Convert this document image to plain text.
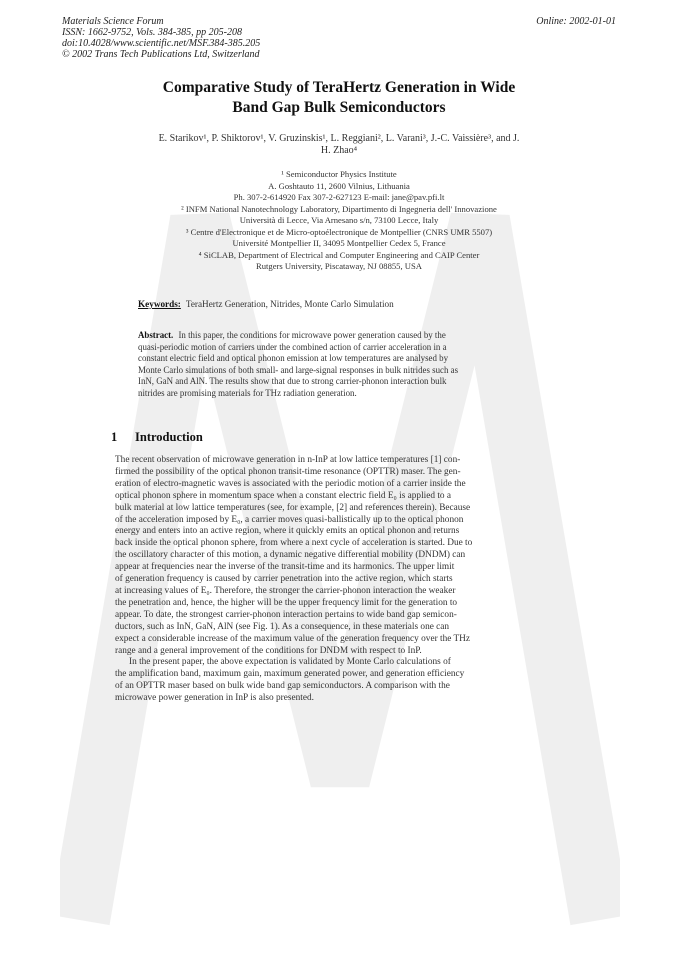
Materials Science Forum
ISSN: 1662-9752, Vols. 384-385, pp 205-208
doi:10.4028/www.scientific.net/MSF.384-385.205
© 2002 Trans Tech Publications Ltd, Switzerland
Online: 2002-01-01
Comparative Study of TeraHertz Generation in Wide
Band Gap Bulk Semiconductors
E. Starikov¹, P. Shiktorov¹, V. Gruzinskis¹, L. Reggiani², L. Varani³, J.-C. Vaissière³, and J.
H. Zhao⁴
¹ Semiconductor Physics Institute
A. Goshtauto 11, 2600 Vilnius, Lithuania
Ph. 307-2-614920 Fax 307-2-627123 E-mail: jane@pav.pfi.lt
² INFM National Nanotechnology Laboratory, Dipartimento di Ingegneria dell' Innovazione
Università di Lecce, Via Arnesano s/n, 73100 Lecce, Italy
³ Centre d'Electronique et de Micro-optoélectronique de Montpellier (CNRS UMR 5507)
Université Montpellier II, 34095 Montpellier Cedex 5, France
⁴ SiCLAB, Department of Electrical and Computer Engineering and CAIP Center
Rutgers University, Piscataway, NJ 08855, USA
Keywords: TeraHertz Generation, Nitrides, Monte Carlo Simulation
Abstract. In this paper, the conditions for microwave power generation caused by the
quasi-periodic motion of carriers under the combined action of carrier acceleration in a
constant electric field and optical phonon emission at low temperatures are analysed by
Monte Carlo simulations of both small- and large-signal responses in bulk nitrides such as
InN, GaN and AlN. The results show that due to strong carrier-phonon interaction bulk
nitrides are promising materials for THz radiation generation.
1 Introduction
The recent observation of microwave generation in n-InP at low lattice temperatures [1] con-
firmed the possibility of the optical phonon transit-time resonance (OPTTR) maser. The gen-
eration of electro-magnetic waves is associated with the periodic motion of a carrier inside the
optical phonon sphere in momentum space when a constant electric field E₀ is applied to a
bulk material at low lattice temperatures (see, for example, [2] and references therein). Because
of the acceleration imposed by E₀, a carrier moves quasi-ballistically up to the optical phonon
energy and enters into an active region, where it quickly emits an optical phonon and returns
back inside the optical phonon sphere, from where a next cycle of acceleration is started. Due to
the oscillatory character of this motion, a dynamic negative differential mobility (DNDM) can
appear at frequencies near the inverse of the transit-time and its harmonics. The upper limit
of generation frequency is caused by carrier penetration into the active region, which starts
at increasing values of E₀. Therefore, the stronger the carrier-phonon interaction the weaker
the penetration and, hence, the higher will be the upper frequency limit for the generation to
appear. To date, the strongest carrier-phonon interaction pertains to wide band gap semicon-
ductors, such as InN, GaN, AlN (see Fig. 1). As a consequence, in these materials one can
expect a considerable increase of the maximum value of the generation frequency over the THz
range and a general improvement of the conditions for DNDM with respect to InP.
In the present paper, the above expectation is validated by Monte Carlo calculations of
the amplification band, maximum gain, maximum generated power, and generation efficiency
of an OPTTR maser based on bulk wide band gap semiconductors. A comparison with the
microwave power generation in InP is also presented.
